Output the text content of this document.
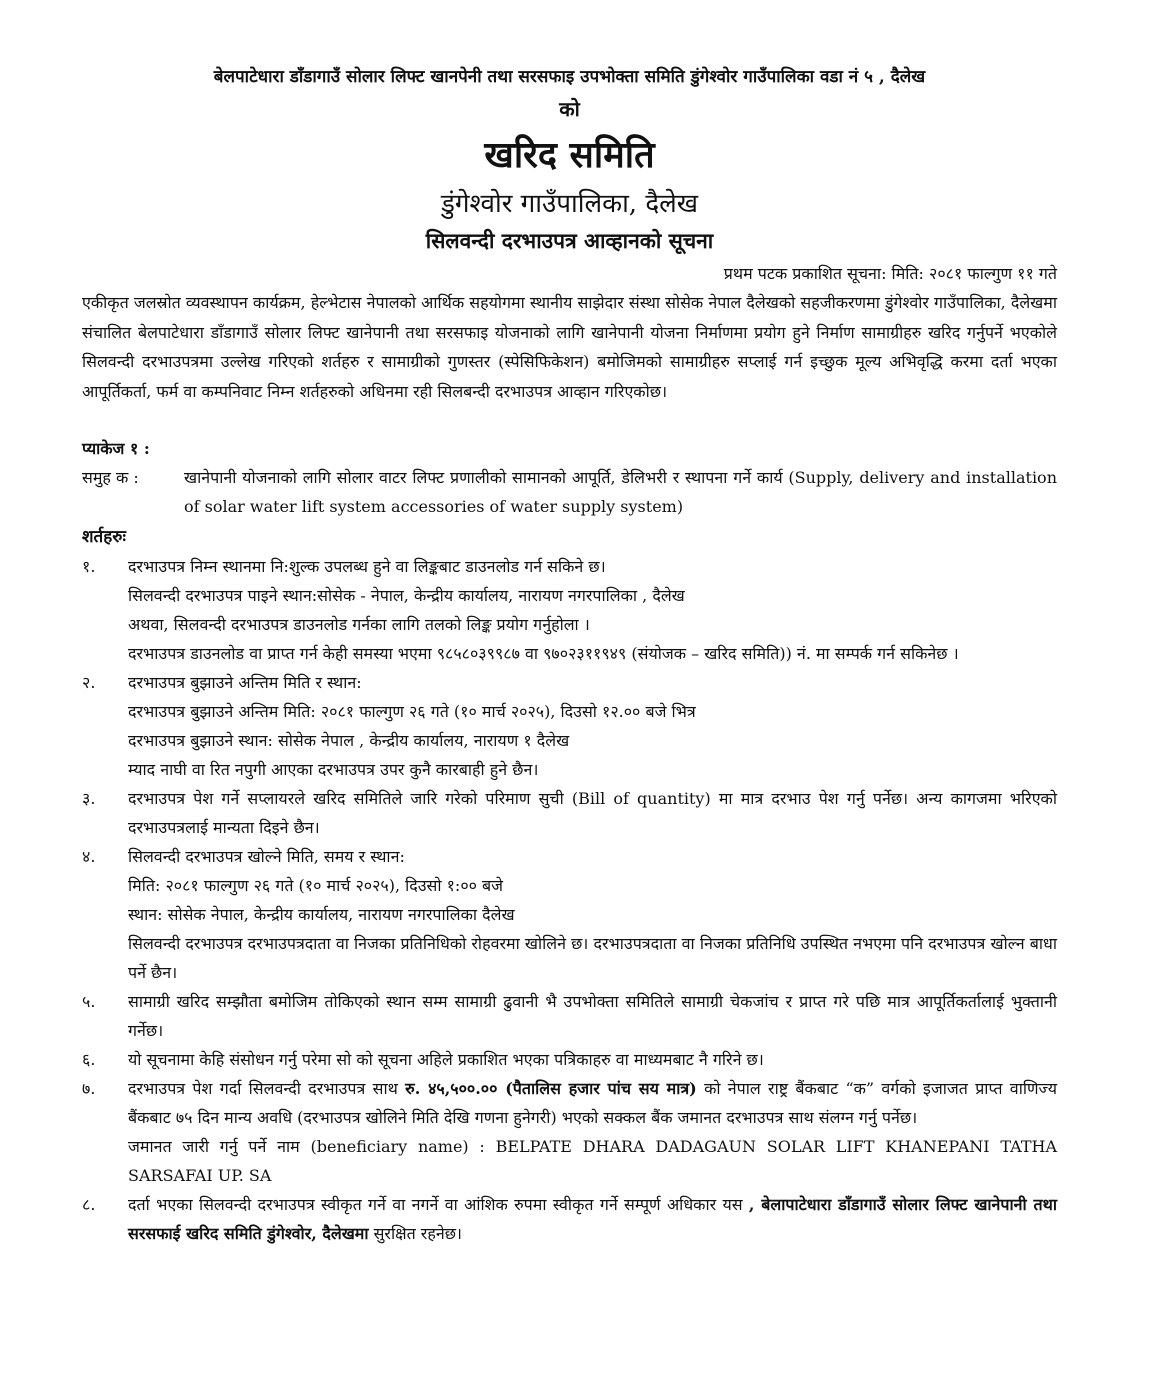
बेलपाटेधारा डाँडागाउँ सोलार लिफ्ट खानपेनी तथा सरसफाइ उपभोक्ता समिति डुंगेश्वोर गाउँपालिका वडा नं ५ , दैलेख
को
खरिद समिति
डुंगेश्वोर गाउँपालिका, दैलेख
सिलवन्दी दरभाउपत्र आव्हानको सूचना
प्रथम पटक प्रकाशित सूचना: मिति: २०८१ फाल्गुण ११ गते
एकीकृत जलस्रोत व्यवस्थापन कार्यक्रम, हेल्भेटास नेपालको आर्थिक सहयोगमा स्थानीय साझेदार संस्था सोसेक नेपाल दैलेखको सहजीकरणमा डुंगेश्वोर गाउँपालिका, दैलेखमा संचालित बेलपाटेधारा डाँडागाउँ सोलार लिफ्ट खानेपानी तथा सरसफाइ योजनाको लागि खानेपानी योजना निर्माणमा प्रयोग हुने निर्माण सामाग्रीहरु खरिद गर्नुपर्ने भएकोले सिलवन्दी दरभाउपत्रमा उल्लेख गरिएको शर्तहरु र सामाग्रीको गुणस्तर (स्पेसिफिकेशन) बमोजिमको सामाग्रीहरु सप्लाई गर्न इच्छुक मूल्य अभिवृद्धि करमा दर्ता भएका आपूर्तिकर्ता, फर्म वा कम्पनिवाट निम्न शर्तहरुको अधिनमा रही सिलबन्दी दरभाउपत्र आव्हान गरिएकोछ।
प्याकेज १ :
समुह क :	खानेपानी योजनाको लागि सोलार वाटर लिफ्ट प्रणालीको सामानको आपूर्ति, डेलिभरी र स्थापना गर्ने कार्य (Supply, delivery and installation of solar water lift system accessories of water supply system)
शर्तहरुः
१.	दरभाउपत्र निम्न स्थानमा नि:शुल्क उपलब्ध हुने वा लिङ्कबाट डाउनलोड गर्न सकिने छ।
सिलवन्दी दरभाउपत्र पाइने स्थान:सोसेक - नेपाल, केन्द्रीय कार्यालय, नारायण नगरपालिका , दैलेख
अथवा, सिलवन्दी दरभाउपत्र डाउनलोड गर्नका लागि तलको लिङ्क प्रयोग गर्नुहोला ।
दरभाउपत्र डाउनलोड वा प्राप्त गर्न केही समस्या भएमा ९८५८०३९९८७ वा ९७०२३११९४९ (संयोजक – खरिद समिति)) नं. मा सम्पर्क गर्न सकिनेछ ।
२.	दरभाउपत्र बुझाउने अन्तिम मिति र स्थान:
दरभाउपत्र बुझाउने अन्तिम मिति: २०८१ फाल्गुण २६ गते (१० मार्च २०२५), दिउसो १२.०० बजे भित्र
दरभाउपत्र बुझाउने स्थान: सोसेक नेपाल , केन्द्रीय कार्यालय, नारायण १ दैलेख
म्याद नाघी वा रित नपुगी आएका दरभाउपत्र उपर कुनै कारबाही हुने छैन।
३.	दरभाउपत्र पेश गर्ने सप्लायरले खरिद समितिले जारि गरेको परिमाण सुची (Bill of quantity) मा मात्र दरभाउ पेश गर्नु पर्नेछ। अन्य कागजमा भरिएको दरभाउपत्रलाई मान्यता दिइने छैन।
४.	सिलवन्दी दरभाउपत्र खोल्ने मिति, समय र स्थान:
मिति: २०८१ फाल्गुण २६ गते (१० मार्च २०२५), दिउसो १:०० बजे
स्थान: सोसेक नेपाल, केन्द्रीय कार्यालय, नारायण नगरपालिका दैलेख
सिलवन्दी दरभाउपत्र दरभाउपत्रदाता वा निजका प्रतिनिधिको रोहवरमा खोलिने छ। दरभाउपत्रदाता वा निजका प्रतिनिधि उपस्थित नभएमा पनि दरभाउपत्र खोल्न बाधा पर्ने छैन।
५.	सामाग्री खरिद सम्झौता बमोजिम तोकिएको स्थान सम्म सामाग्री ढुवानी भै उपभोक्ता समितिले सामाग्री चेकजांच र प्राप्त गरे पछि मात्र आपूर्तिकर्तालाई भुक्तानी गर्नेछ।
६.	यो सूचनामा केहि संसोधन गर्नु परेमा सो को सूचना अहिले प्रकाशित भएका पत्रिकाहरु वा माध्यमबाट नै गरिने छ।
७.	दरभाउपत्र पेश गर्दा सिलवन्दी दरभाउपत्र साथ रु. ४५,५००.०० (पैतालिस हजार पांच सय मात्र) को नेपाल राष्ट्र बैंकबाट “क” वर्गको इजाजत प्राप्त वाणिज्य बैंकबाट ७५ दिन मान्य अवधि (दरभाउपत्र खोलिने मिति देखि गणना हुनेगरी) भएको सक्कल बैंक जमानत दरभाउपत्र साथ संलग्न गर्नु पर्नेछ।
जमानत जारी गर्नु पर्ने नाम (beneficiary name) : BELPATE DHARA DADAGAUN SOLAR LIFT KHANEPANI TATHA SARSAFAI UP. SA
८.	दर्ता भएका सिलवन्दी दरभाउपत्र स्वीकृत गर्ने वा नगर्ने वा आंशिक रुपमा स्वीकृत गर्ने सम्पूर्ण अधिकार यस , बेलापाटेधारा डाँडागाउँ सोलार लिफ्ट खानेपानी तथा सरसफाई खरिद समिति डुंगेश्वोर, दैलेखमा सुरक्षित रहनेछ।
